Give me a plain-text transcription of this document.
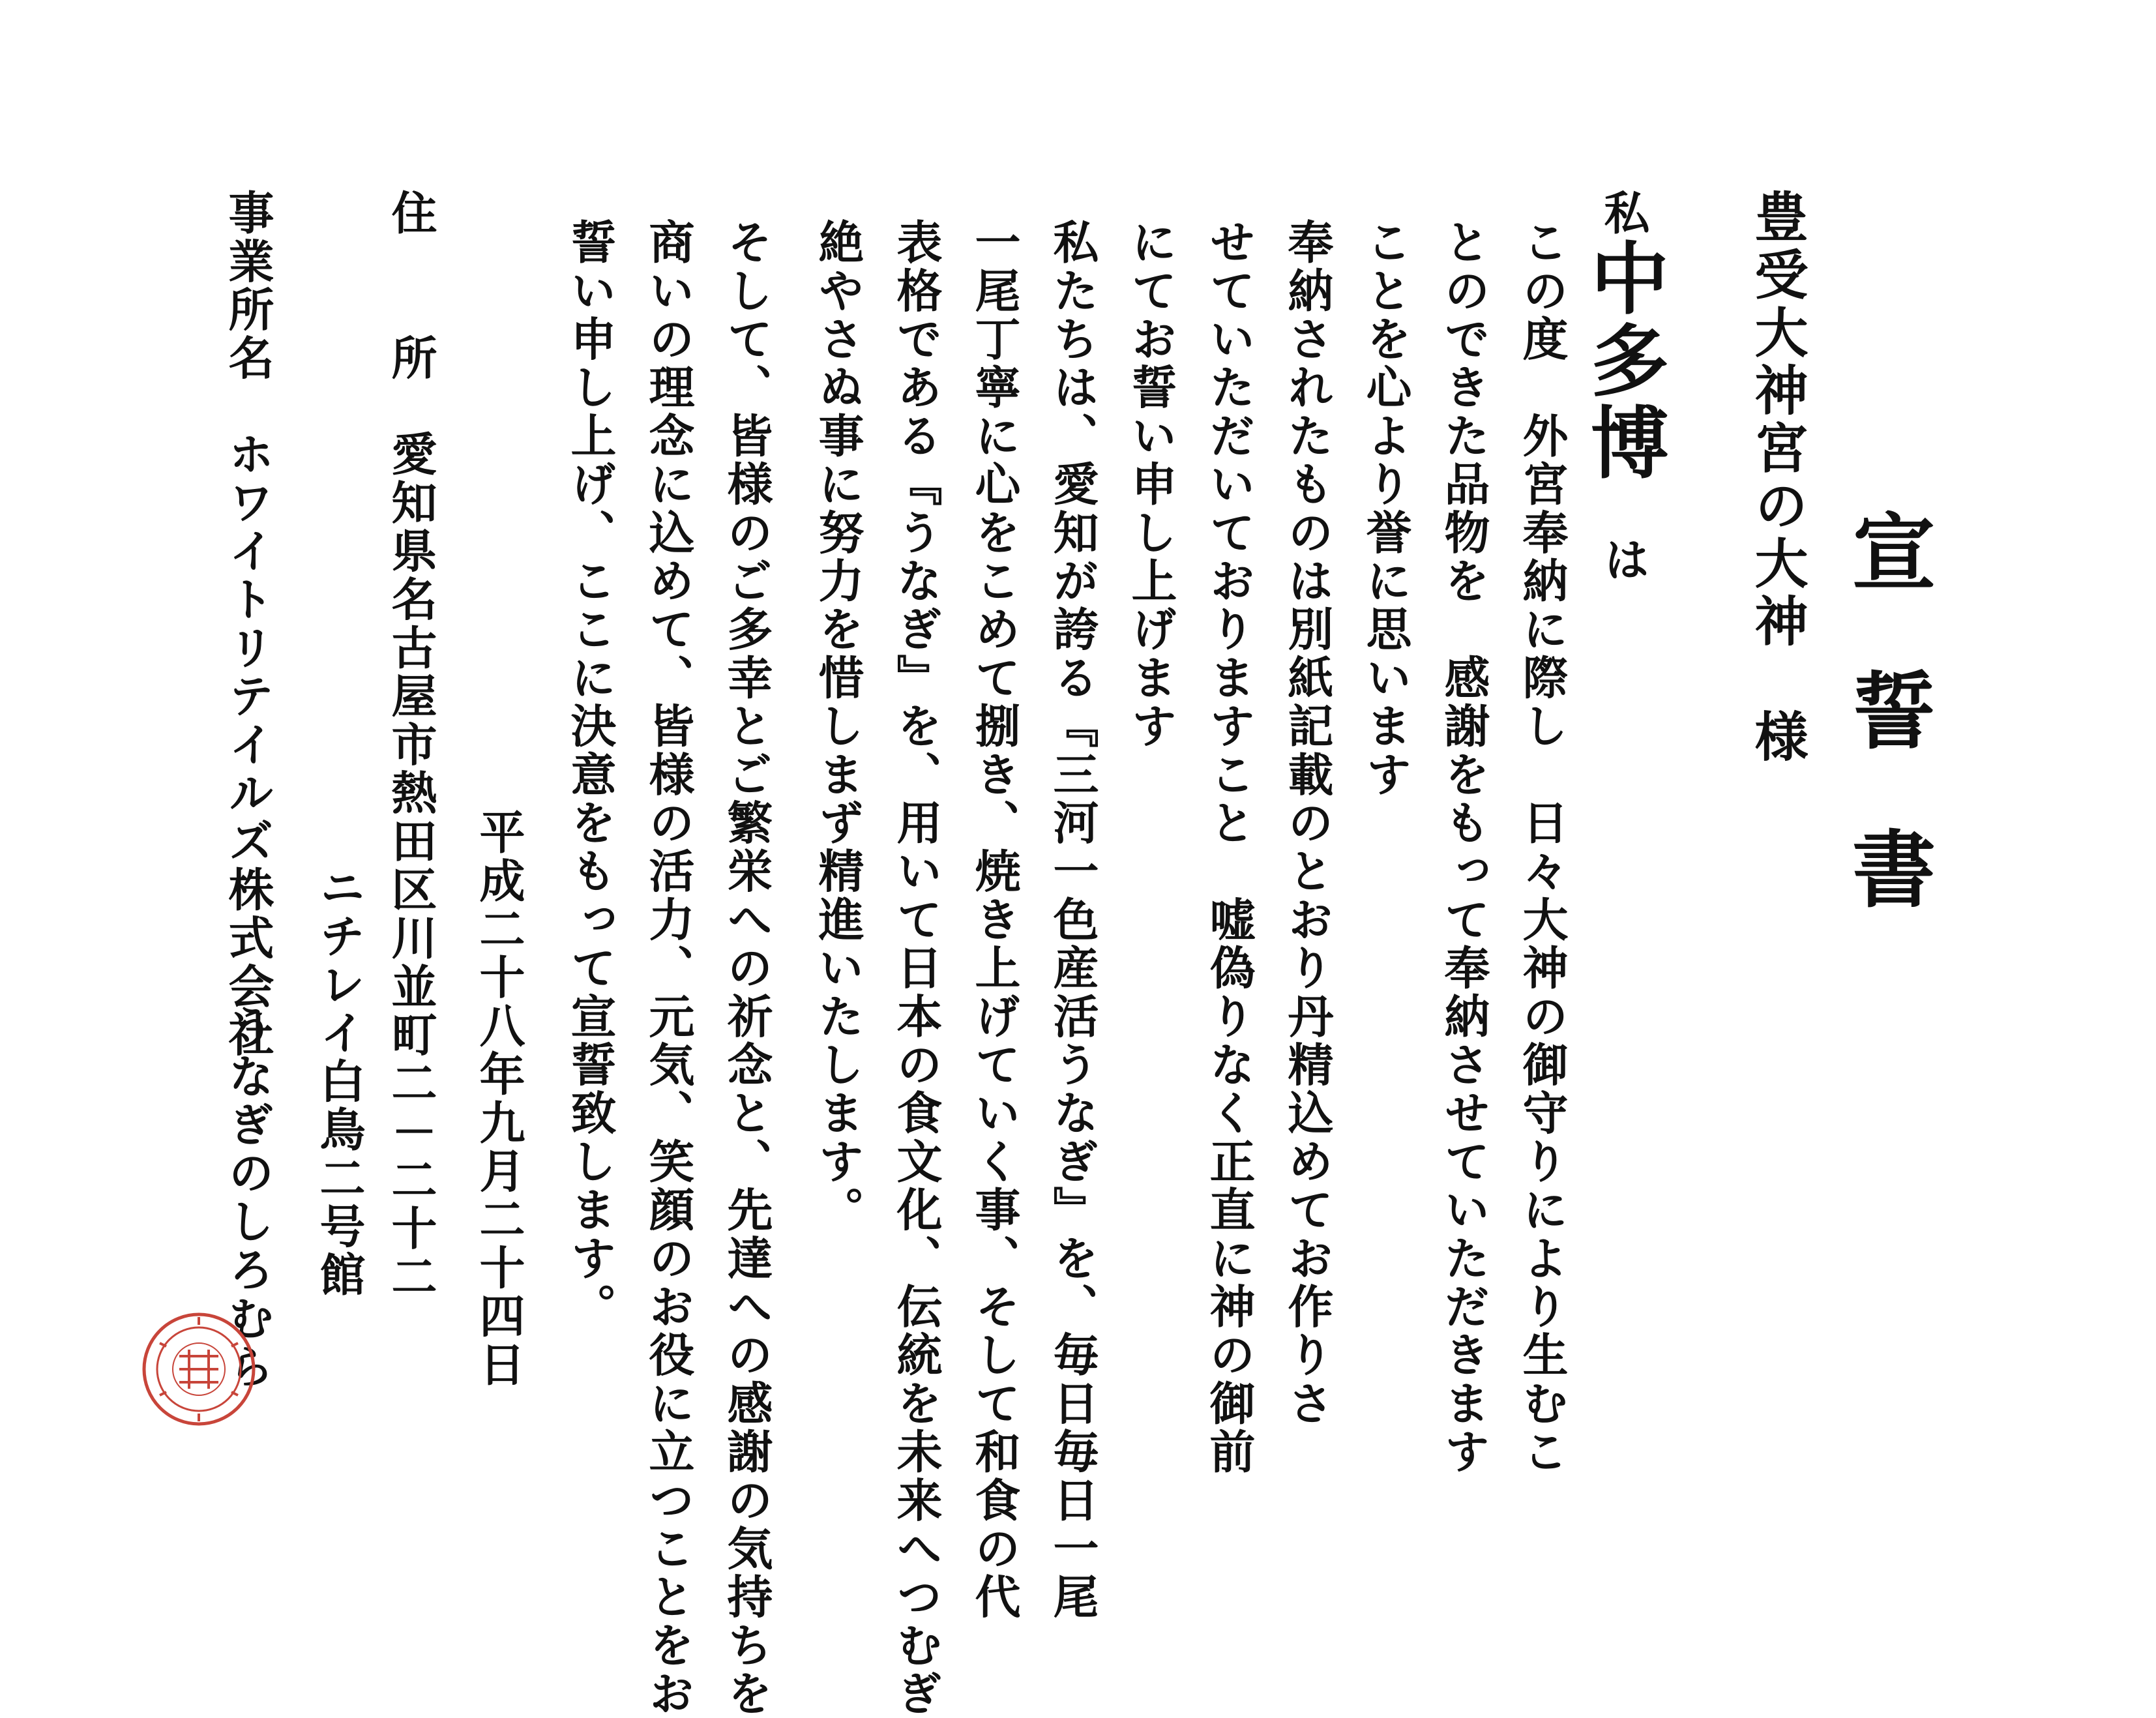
宣誓書
豊受大神宮の大神　様
私中多博は
この度　外宮奉納に際し　日々大神の御守りにより生むこ
とのできた品物を　感謝をもって奉納させていただきます
ことを心より誉に思います
奉納されたものは別紙記載のとおり丹精込めてお作りさ
せていただいておりますこと　嘘偽りなく正直に神の御前
にてお誓い申し上げます
私たちは、愛知が誇る『三河一色産活うなぎ』を、毎日毎日一尾
一尾丁寧に心をこめて捌き、焼き上げていく事、そして和食の代
表格である『うなぎ』を、用いて日本の食文化、伝統を未来へつむぎ
絶やさぬ事に努力を惜しまず精進いたします。
そして、皆様のご多幸とご繁栄への祈念と、先達への感謝の気持ちを
商いの理念に込めて、皆様の活力、元気、笑顔のお役に立つことをお
誓い申し上げ、ここに決意をもって宣誓致します。
平成二十八年九月二十四日
住　　所
愛知県名古屋市熱田区川並町二－二十二
ニチレイ白鳥二号館
事業所名
ホワイトリテイルズ株式会社
うなぎのしろむら
